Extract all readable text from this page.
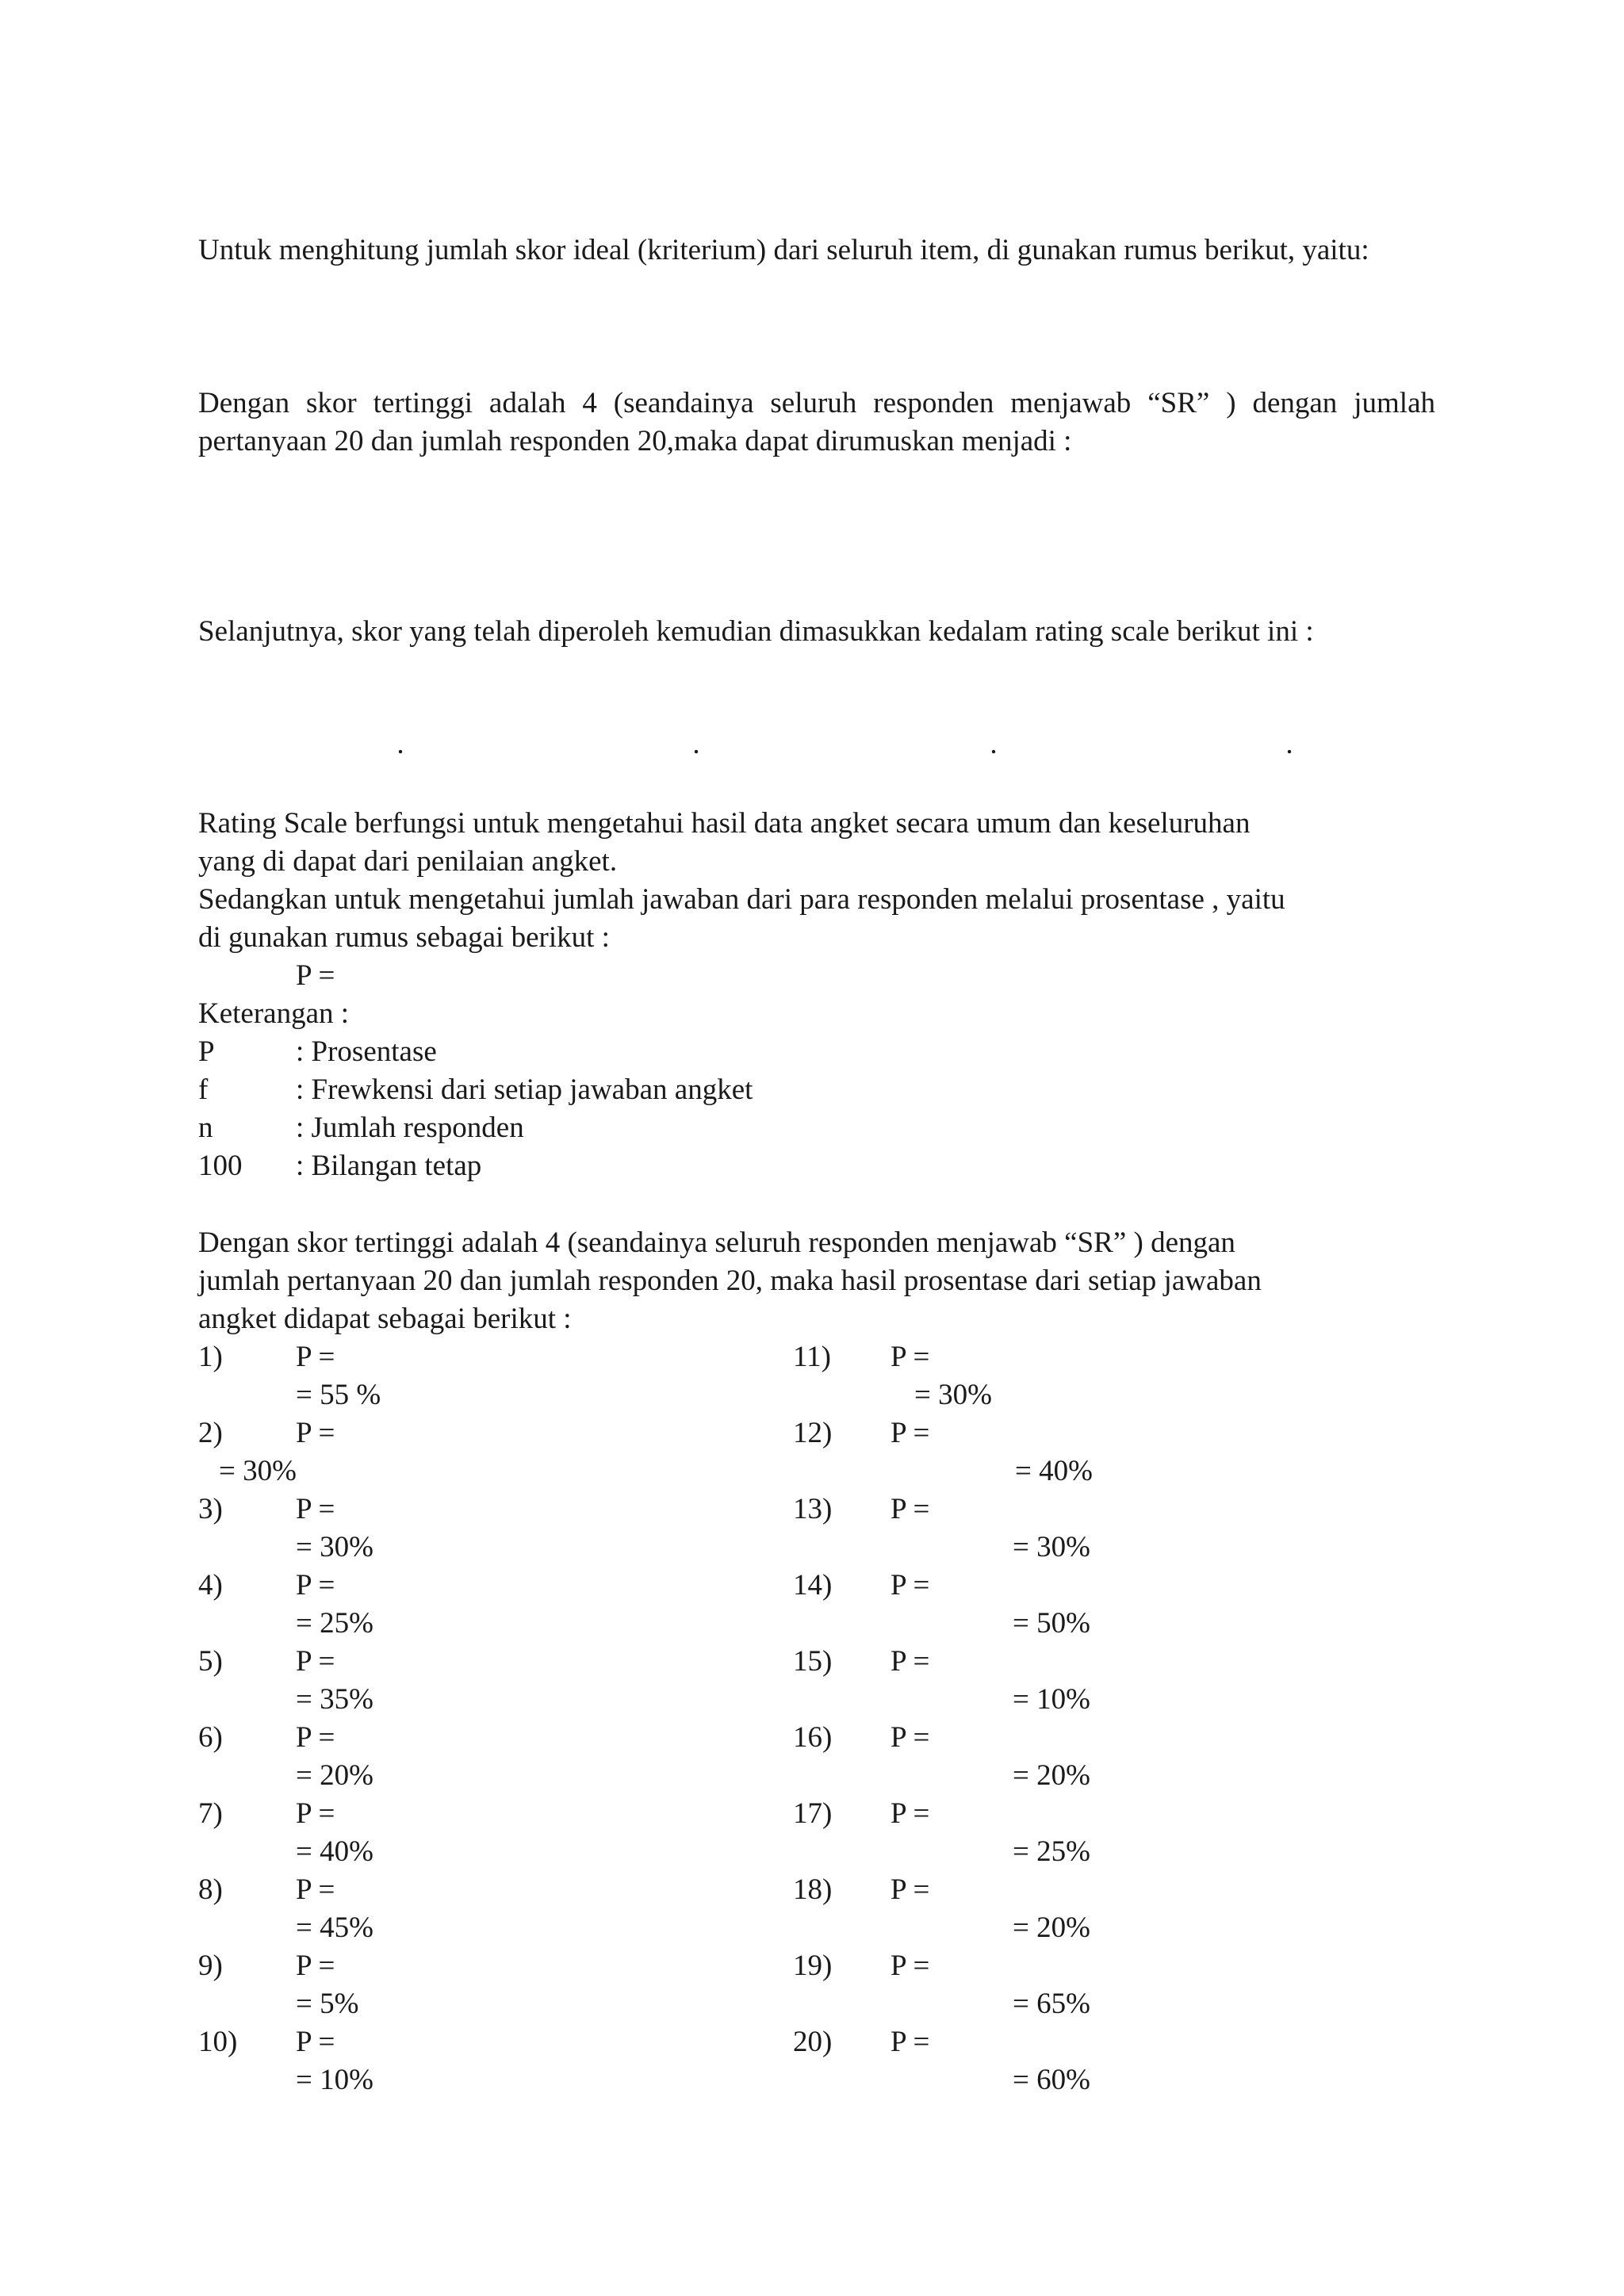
Untuk menghitung jumlah skor ideal (kriterium) dari seluruh item, di gunakan rumus berikut, yaitu:

Dengan skor tertinggi adalah 4 (seandainya seluruh responden menjawab “SR” ) dengan jumlah pertanyaan 20 dan jumlah responden 20,maka dapat dirumuskan menjadi :

Selanjutnya, skor yang telah diperoleh kemudian dimasukkan kedalam rating scale berikut ini :

.	.	.	.
Rating Scale berfungsi untuk mengetahui hasil data angket secara umum dan keseluruhan
yang di dapat dari penilaian angket.
Sedangkan untuk mengetahui jumlah jawaban dari para responden melalui prosentase , yaitu
di gunakan rumus sebagai berikut :
P =
Keterangan :
P	: Prosentase
f	: Frewkensi dari setiap jawaban angket
n	: Jumlah responden
100 : Bilangan tetap
Dengan skor tertinggi adalah 4 (seandainya seluruh responden menjawab “SR” ) dengan
jumlah pertanyaan 20 dan jumlah responden 20, maka hasil prosentase dari setiap jawaban
angket didapat sebagai berikut :
1) P =
= 55 %
2) P =
= 30%
3) P =
= 30%
4) P =
= 25%
5) P =
= 35%
6) P =
= 20%
7) P =
= 40%
8) P =
= 45%
9) P =
= 5%
10) P =
= 10%
11) P =
= 30%
12) P =
= 40%
13) P =
= 30%
14) P =
= 50%
15) P =
= 10%
16) P =
= 20%
17) P =
= 25%
18) P =
= 20%
19) P =
= 65%
20) P =
= 60%
